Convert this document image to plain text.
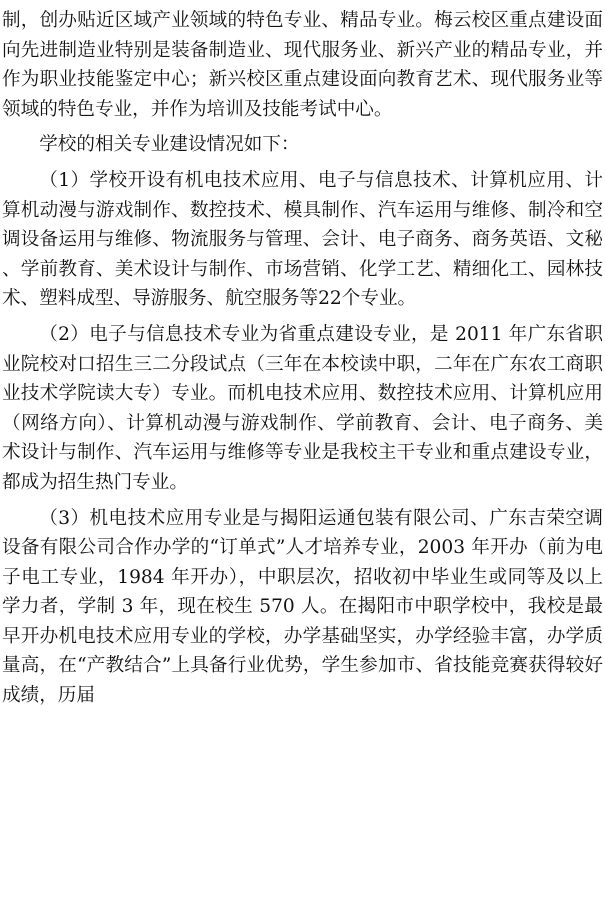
制，创办贴近区域产业领域的特色专业、精品专业。梅云校区重点建设面向先进制造业特别是装备制造业、现代服务业、新兴产业的精品专业，并作为职业技能鉴定中心；新兴校区重点建设面向教育艺术、现代服务业等领域的特色专业，并作为培训及技能考试中心。

学校的相关专业建设情况如下：

（1）学校开设有机电技术应用、电子与信息技术、计算机应用、计算机动漫与游戏制作、数控技术、模具制作、汽车运用与维修、制冷和空调设备运用与维修、物流服务与管理、会计、电子商务、商务英语、文秘、学前教育、美术设计与制作、市场营销、化学工艺、精细化工、园林技术、塑料成型、导游服务、航空服务等22个专业。

（2）电子与信息技术专业为省重点建设专业，是 2011 年广东省职业院校对口招生三二分段试点（三年在本校读中职，二年在广东农工商职业技术学院读大专）专业。而机电技术应用、数控技术应用、计算机应用（网络方向）、计算机动漫与游戏制作、学前教育、会计、电子商务、美术设计与制作、汽车运用与维修等专业是我校主干专业和重点建设专业，都成为招生热门专业。

（3）机电技术应用专业是与揭阳运通包装有限公司、广东吉荣空调设备有限公司合作办学的“订单式”人才培养专业，2003 年开办（前为电子电工专业，1984 年开办），中职层次，招收初中毕业生或同等及以上学力者，学制 3 年，现在校生 570 人。在揭阳市中职学校中，我校是最早开办机电技术应用专业的学校，办学基础坚实，办学经验丰富，办学质量高，在“产教结合”上具备行业优势，学生参加市、省技能竞赛获得较好成绩，历届
